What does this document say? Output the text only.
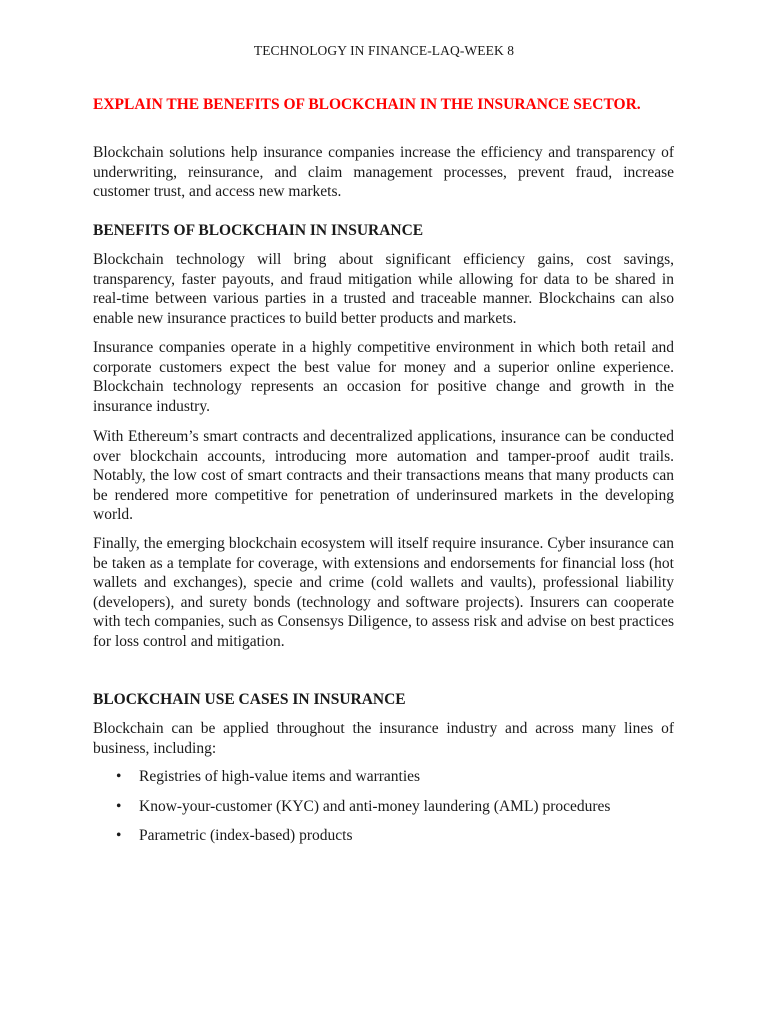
TECHNOLOGY IN FINANCE-LAQ-WEEK 8
EXPLAIN THE BENEFITS OF BLOCKCHAIN IN THE INSURANCE SECTOR.

Blockchain solutions help insurance companies increase the efficiency and transparency of underwriting, reinsurance, and claim management processes, prevent fraud, increase customer trust, and access new markets.

BENEFITS OF BLOCKCHAIN IN INSURANCE

Blockchain technology will bring about significant efficiency gains, cost savings, transparency, faster payouts, and fraud mitigation while allowing for data to be shared in real-time between various parties in a trusted and traceable manner. Blockchains can also enable new insurance practices to build better products and markets.

Insurance companies operate in a highly competitive environment in which both retail and corporate customers expect the best value for money and a superior online experience. Blockchain technology represents an occasion for positive change and growth in the insurance industry.

With Ethereum’s smart contracts and decentralized applications, insurance can be conducted over blockchain accounts, introducing more automation and tamper-proof audit trails. Notably, the low cost of smart contracts and their transactions means that many products can be rendered more competitive for penetration of underinsured markets in the developing world.

Finally, the emerging blockchain ecosystem will itself require insurance. Cyber insurance can be taken as a template for coverage, with extensions and endorsements for financial loss (hot wallets and exchanges), specie and crime (cold wallets and vaults), professional liability (developers), and surety bonds (technology and software projects). Insurers can cooperate with tech companies, such as Consensys Diligence, to assess risk and advise on best practices for loss control and mitigation.

BLOCKCHAIN USE CASES IN INSURANCE

Blockchain can be applied throughout the insurance industry and across many lines of business, including:

• Registries of high-value items and warranties
• Know-your-customer (KYC) and anti-money laundering (AML) procedures
• Parametric (index-based) products
